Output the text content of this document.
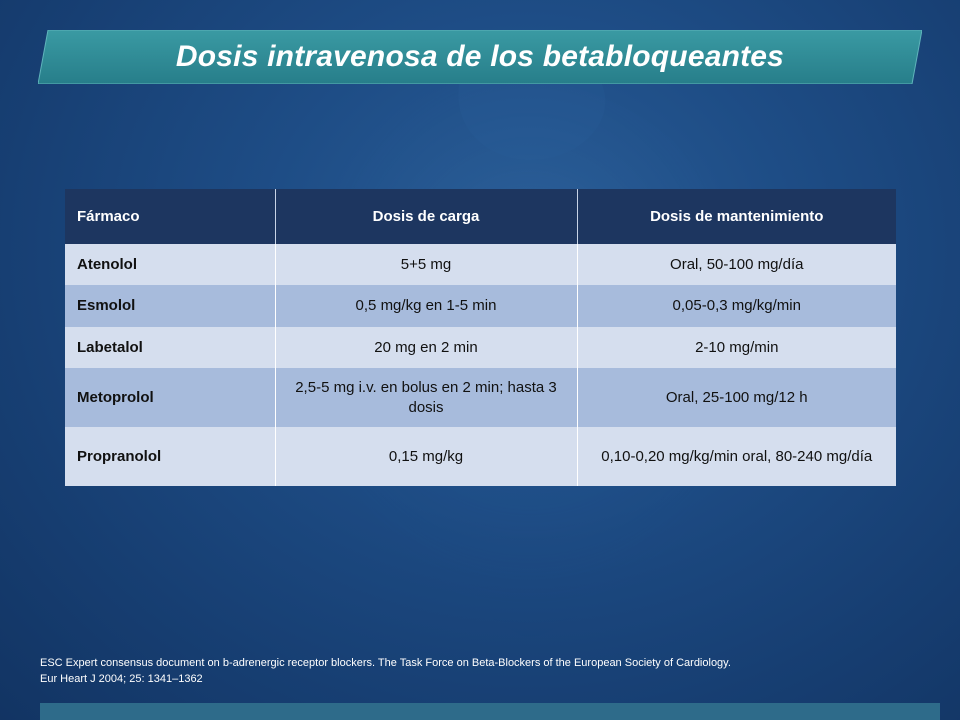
Dosis intravenosa de los betabloqueantes
Fármaco	Dosis de carga	Dosis de mantenimiento
Atenolol	5+5 mg	Oral, 50-100 mg/día
Esmolol	0,5 mg/kg en 1-5 min	0,05-0,3 mg/kg/min
Labetalol	20 mg en 2 min	2-10 mg/min
Metoprolol	2,5-5 mg i.v. en bolus en 2 min; hasta 3 dosis	Oral, 25-100 mg/12 h
Propranolol	0,15 mg/kg	0,10-0,20 mg/kg/min oral, 80-240 mg/día
ESC Expert consensus document on b-adrenergic receptor blockers. The Task Force on Beta-Blockers of the European Society of Cardiology.
Eur Heart J 2004; 25: 1341–1362
